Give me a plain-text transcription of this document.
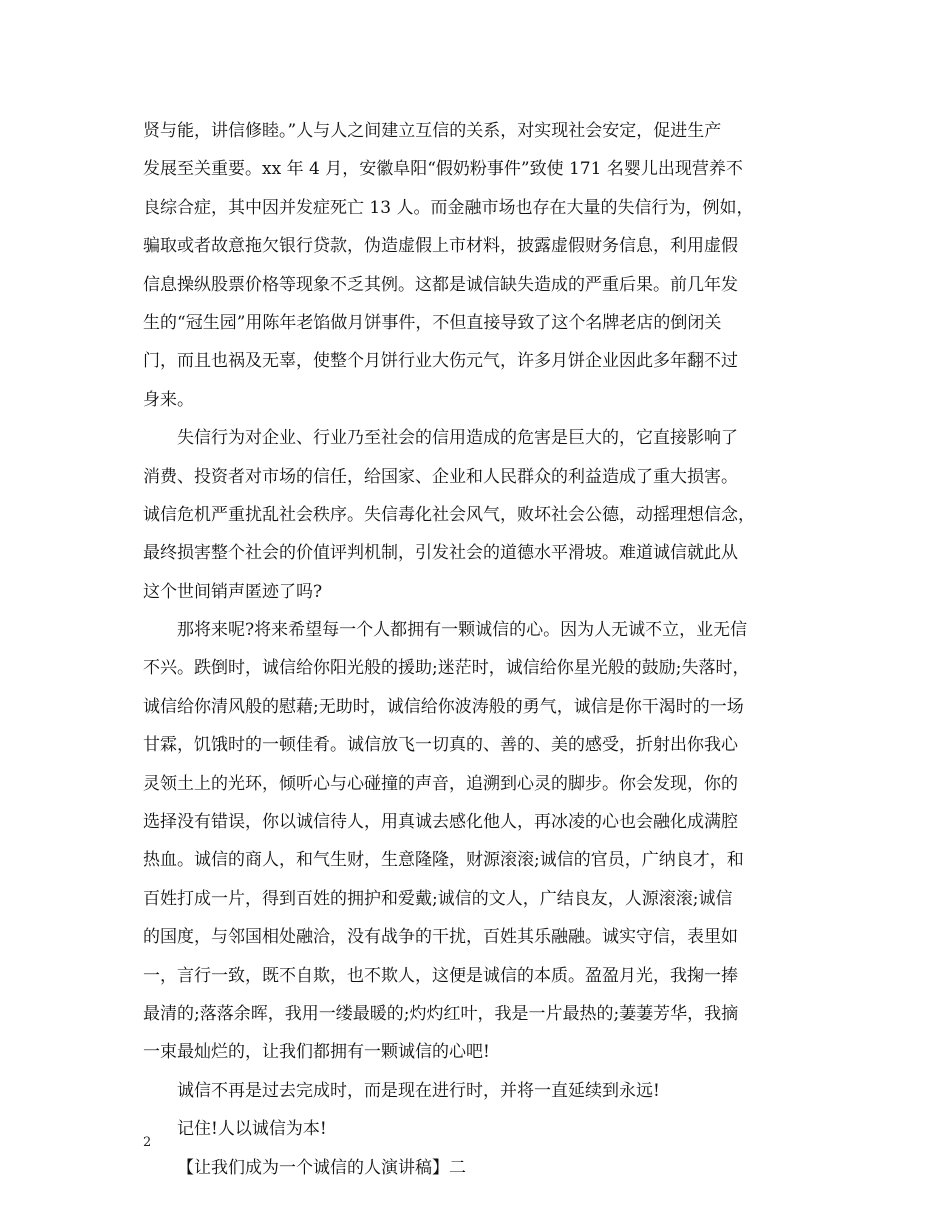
贤与能，讲信修睦。”人与人之间建立互信的关系，对实现社会安定，促进生产
发展至关重要。xx 年 4 月，安徽阜阳“假奶粉事件”致使 171 名婴儿出现营养不
良综合症，其中因并发症死亡 13 人。而金融市场也存在大量的失信行为，例如，
骗取或者故意拖欠银行贷款，伪造虚假上市材料，披露虚假财务信息，利用虚假
信息操纵股票价格等现象不乏其例。这都是诚信缺失造成的严重后果。前几年发
生的“冠生园”用陈年老馅做月饼事件，不但直接导致了这个名牌老店的倒闭关
门，而且也祸及无辜，使整个月饼行业大伤元气，许多月饼企业因此多年翻不过
身来。
失信行为对企业、行业乃至社会的信用造成的危害是巨大的，它直接影响了
消费、投资者对市场的信任，给国家、企业和人民群众的利益造成了重大损害。
诚信危机严重扰乱社会秩序。失信毒化社会风气，败坏社会公德，动摇理想信念，
最终损害整个社会的价值评判机制，引发社会的道德水平滑坡。难道诚信就此从
这个世间销声匿迹了吗?
那将来呢?将来希望每一个人都拥有一颗诚信的心。因为人无诚不立，业无信
不兴。跌倒时，诚信给你阳光般的援助;迷茫时，诚信给你星光般的鼓励;失落时，
诚信给你清风般的慰藉;无助时，诚信给你波涛般的勇气，诚信是你干渴时的一场
甘霖，饥饿时的一顿佳肴。诚信放飞一切真的、善的、美的感受，折射出你我心
灵领土上的光环，倾听心与心碰撞的声音，追溯到心灵的脚步。你会发现，你的
选择没有错误，你以诚信待人，用真诚去感化他人，再冰凌的心也会融化成满腔
热血。诚信的商人，和气生财，生意隆隆，财源滚滚;诚信的官员，广纳良才，和
百姓打成一片，得到百姓的拥护和爱戴;诚信的文人，广结良友，人源滚滚;诚信
的国度，与邻国相处融洽，没有战争的干扰，百姓其乐融融。诚实守信，表里如
一，言行一致，既不自欺，也不欺人，这便是诚信的本质。盈盈月光，我掬一捧
最清的;落落余晖，我用一缕最暖的;灼灼红叶，我是一片最热的;萋萋芳华，我摘
一束最灿烂的，让我们都拥有一颗诚信的心吧!
诚信不再是过去完成时，而是现在进行时，并将一直延续到永远!
记住!人以诚信为本!
【让我们成为一个诚信的人演讲稿】二
2
